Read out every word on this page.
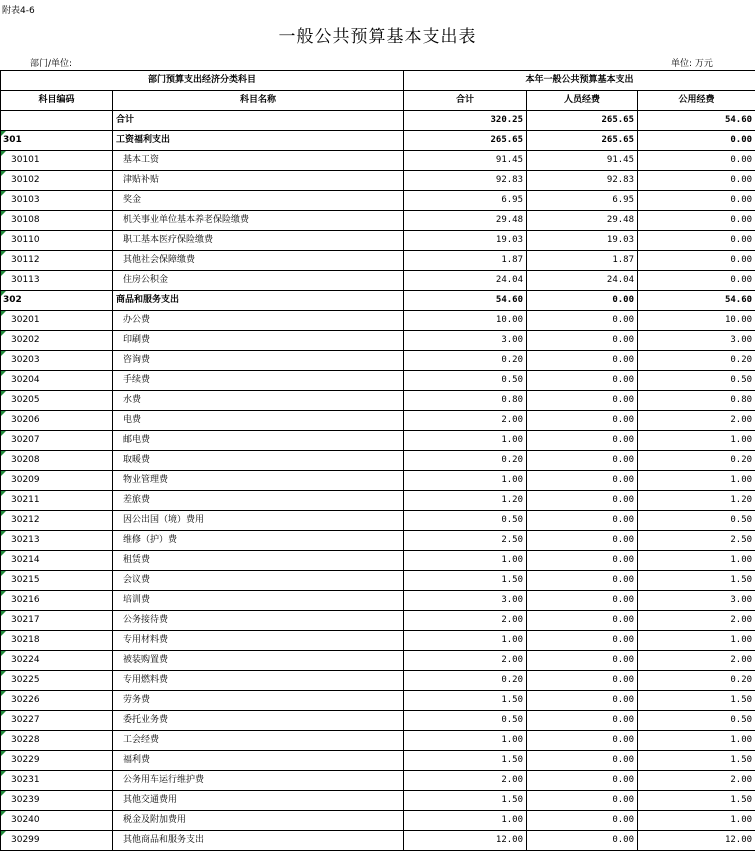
附表4-6
一般公共预算基本支出表
部门/单位:	单位: 万元
部门预算支出经济分类科目		本年一般公共预算基本支出		
科目编码	科目名称	合计	人员经费	公用经费
	合计	320.25	265.65	54.60

301	工资福利支出	265.65	265.65	0.00

30101	基本工资	91.45	91.45	0.00

30102	津贴补贴	92.83	92.83	0.00

30103	奖金	6.95	6.95	0.00

30108	机关事业单位基本养老保险缴费	29.48	29.48	0.00

30110	职工基本医疗保险缴费	19.03	19.03	0.00

30112	其他社会保障缴费	1.87	1.87	0.00

30113	住房公积金	24.04	24.04	0.00

302	商品和服务支出	54.60	0.00	54.60

30201	办公费	10.00	0.00	10.00

30202	印刷费	3.00	0.00	3.00

30203	咨询费	0.20	0.00	0.20

30204	手续费	0.50	0.00	0.50

30205	水费	0.80	0.00	0.80

30206	电费	2.00	0.00	2.00

30207	邮电费	1.00	0.00	1.00

30208	取暖费	0.20	0.00	0.20

30209	物业管理费	1.00	0.00	1.00

30211	差旅费	1.20	0.00	1.20

30212	因公出国（境）费用	0.50	0.00	0.50

30213	维修（护）费	2.50	0.00	2.50

30214	租赁费	1.00	0.00	1.00

30215	会议费	1.50	0.00	1.50

30216	培训费	3.00	0.00	3.00

30217	公务接待费	2.00	0.00	2.00

30218	专用材料费	1.00	0.00	1.00

30224	被装购置费	2.00	0.00	2.00

30225	专用燃料费	0.20	0.00	0.20

30226	劳务费	1.50	0.00	1.50

30227	委托业务费	0.50	0.00	0.50

30228	工会经费	1.00	0.00	1.00

30229	福利费	1.50	0.00	1.50

30231	公务用车运行维护费	2.00	0.00	2.00

30239	其他交通费用	1.50	0.00	1.50

30240	税金及附加费用	1.00	0.00	1.00

30299	其他商品和服务支出	12.00	0.00	12.00
